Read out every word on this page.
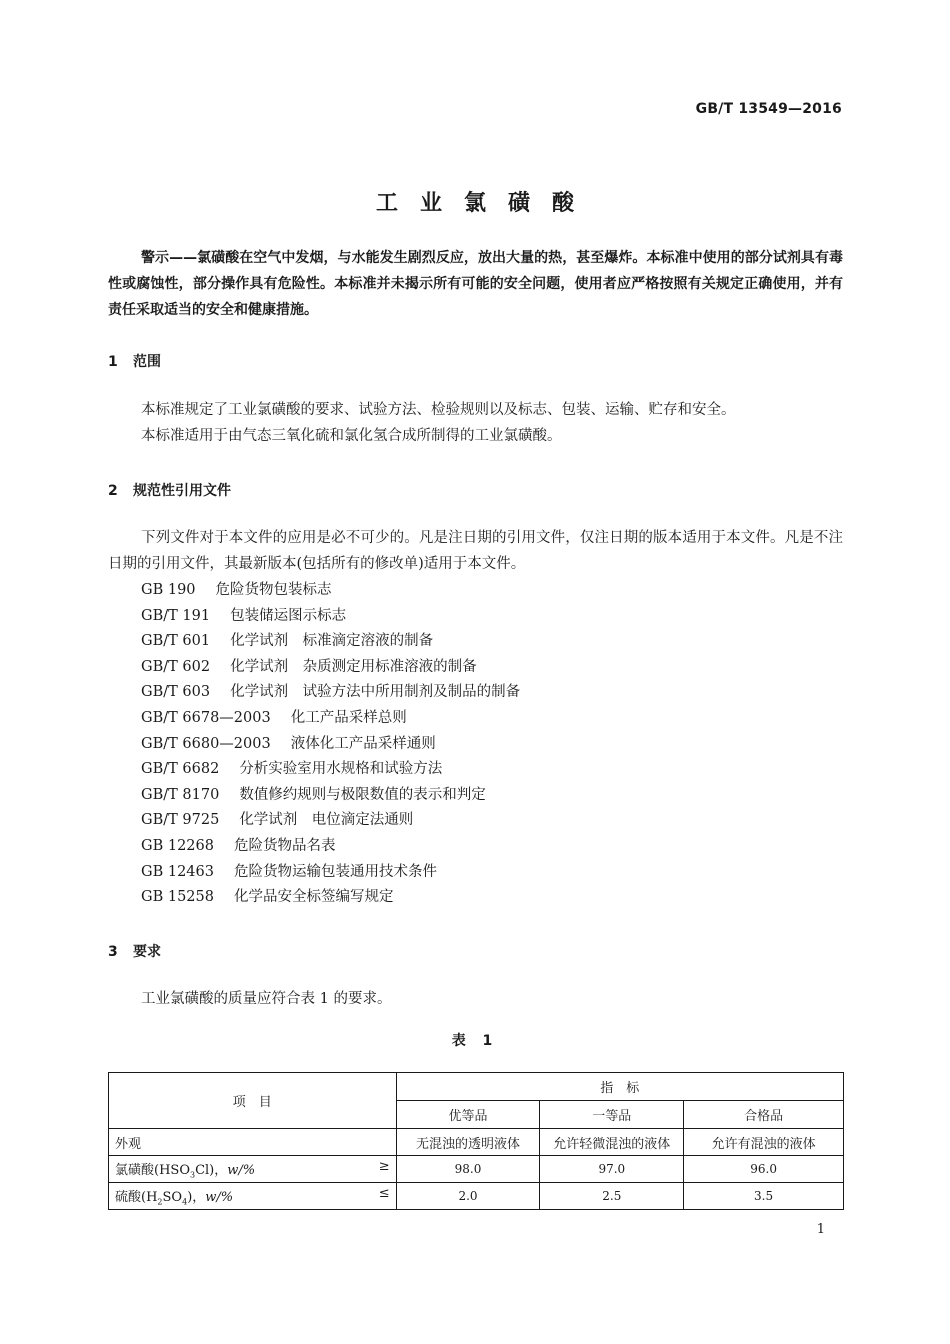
GB/T 13549—2016
工业氯磺酸
警示——氯磺酸在空气中发烟，与水能发生剧烈反应，放出大量的热，甚至爆炸。本标准中使用的部分试剂具有毒性或腐蚀性，部分操作具有危险性。本标准并未揭示所有可能的安全问题，使用者应严格按照有关规定正确使用，并有责任采取适当的安全和健康措施。
1 范围
本标准规定了工业氯磺酸的要求、试验方法、检验规则以及标志、包装、运输、贮存和安全。
本标准适用于由气态三氧化硫和氯化氢合成所制得的工业氯磺酸。
2 规范性引用文件
下列文件对于本文件的应用是必不可少的。凡是注日期的引用文件，仅注日期的版本适用于本文件。凡是不注日期的引用文件，其最新版本(包括所有的修改单)适用于本文件。
GB 190 危险货物包装标志
GB/T 191 包装储运图示标志
GB/T 601 化学试剂　标准滴定溶液的制备
GB/T 602 化学试剂　杂质测定用标准溶液的制备
GB/T 603 化学试剂　试验方法中所用制剂及制品的制备
GB/T 6678—2003 化工产品采样总则
GB/T 6680—2003 液体化工产品采样通则
GB/T 6682 分析实验室用水规格和试验方法
GB/T 8170 数值修约规则与极限数值的表示和判定
GB/T 9725 化学试剂　电位滴定法通则
GB 12268 危险货物品名表
GB 12463 危险货物运输包装通用技术条件
GB 15258 化学品安全标签编写规定
3 要求
工业氯磺酸的质量应符合表 1 的要求。
表 1
项　目	指　标		
	优等品	一等品	合格品
外观	无混浊的透明液体	允许轻微混浊的液体	允许有混浊的液体
氯磺酸$(HSO_3Cl)$，w/% ≥	98.0	97.0	96.0
硫酸$(H_2SO_4)$，w/% ≤	2.0	2.5	3.5
1
